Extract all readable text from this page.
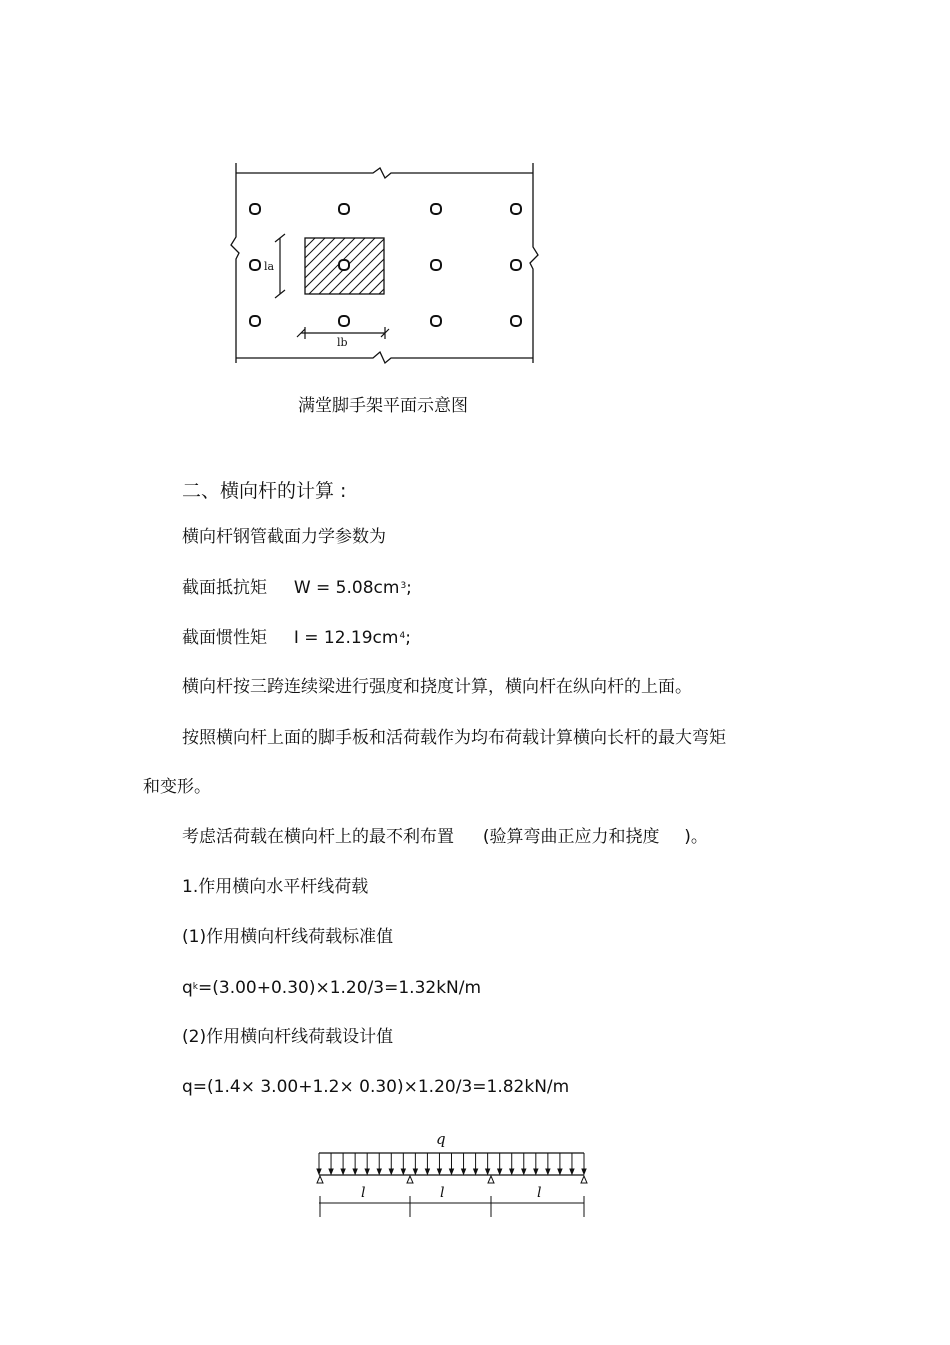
la
lb
满堂脚手架平面示意图
二、横向杆的计算 :
横向杆钢管截面力学参数为
截面抵抗矩 $W = 5.08cm^3$;
截面惯性矩 $I = 12.19cm^4$;
横向杆按三跨连续梁进行强度和挠度计算，横向杆在纵向杆的上面。
按照横向杆上面的脚手板和活荷载作为均布荷载计算横向长杆的最大弯矩
和变形。
考虑活荷载在横向杆上的最不利布置 (验算弯曲正应力和挠度 )。
1.作用横向水平杆线荷载
(1)作用横向杆线荷载标准值
$q_k=(3.00+0.30)\times 1.20/3=1.32kN/m$
(2)作用横向杆线荷载设计值
q=(1.4× 3.00+1.2× 0.30)×1.20/3=1.82kN/m
q
l	l	l
